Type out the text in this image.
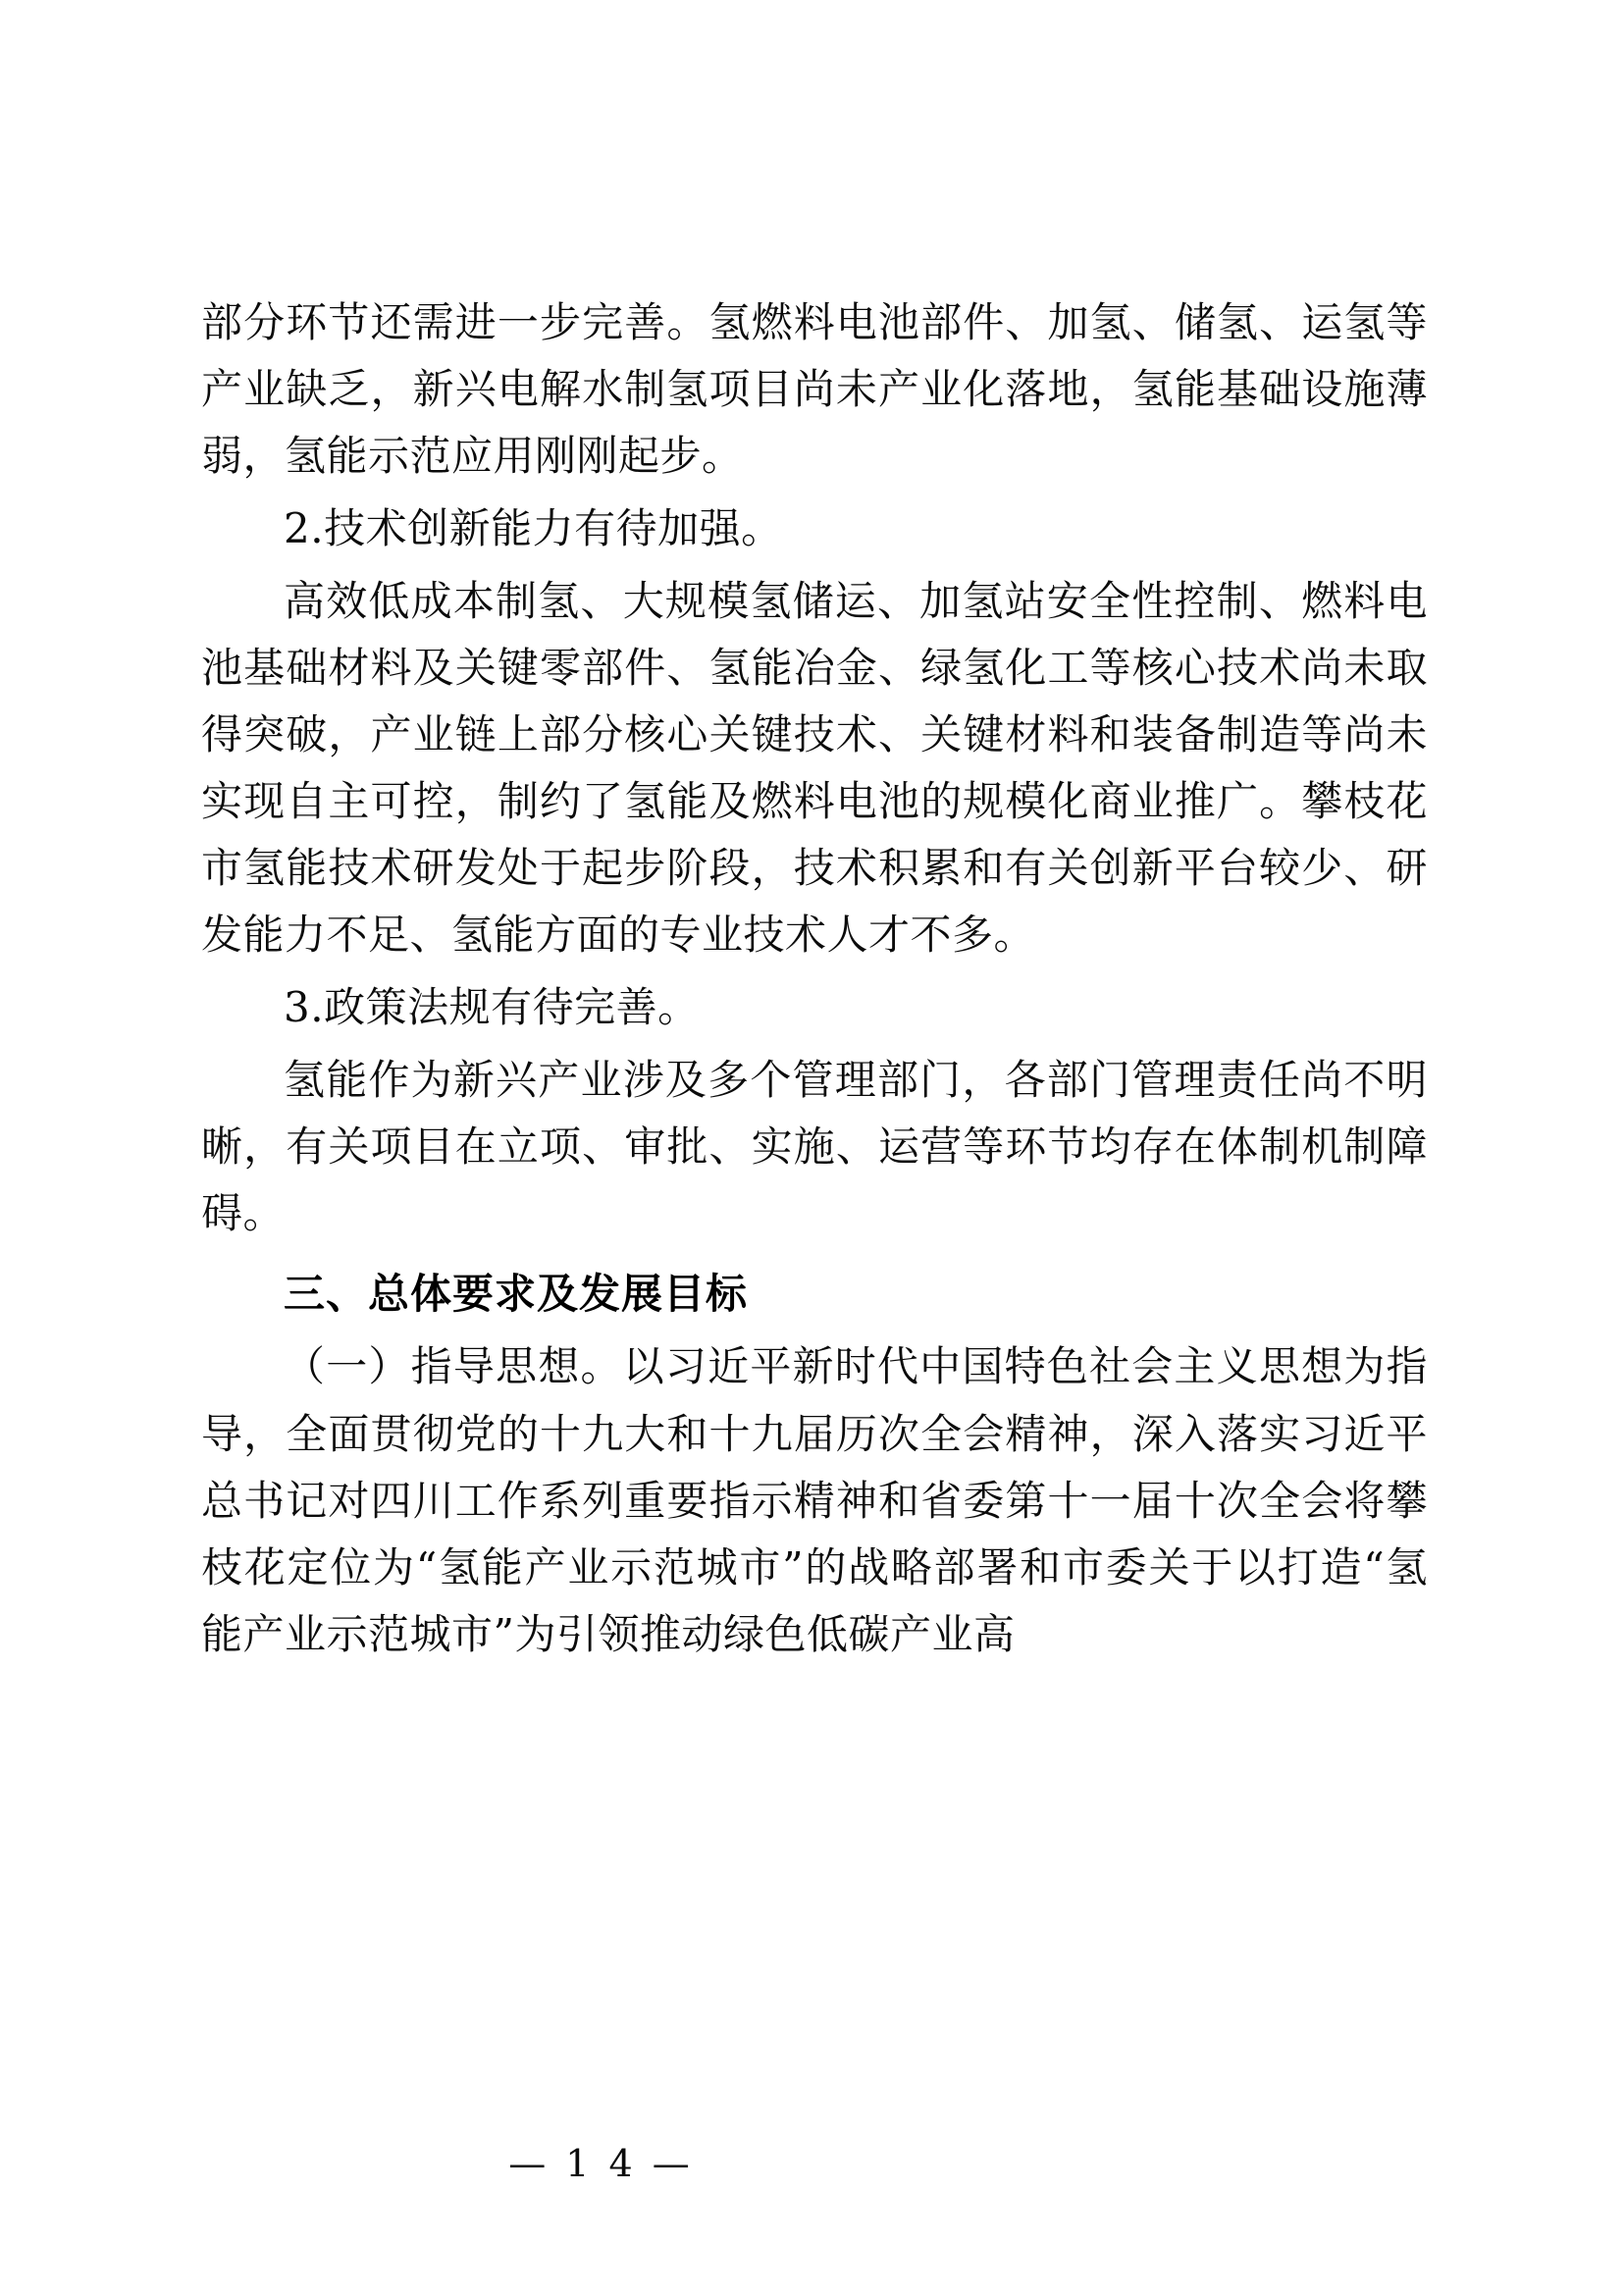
部分环节还需进一步完善。氢燃料电池部件、加氢、储氢、运氢等产业缺乏，新兴电解水制氢项目尚未产业化落地，氢能基础设施薄弱，氢能示范应用刚刚起步。

2.技术创新能力有待加强。

高效低成本制氢、大规模氢储运、加氢站安全性控制、燃料电池基础材料及关键零部件、氢能冶金、绿氢化工等核心技术尚未取得突破，产业链上部分核心关键技术、关键材料和装备制造等尚未实现自主可控，制约了氢能及燃料电池的规模化商业推广。攀枝花市氢能技术研发处于起步阶段，技术积累和有关创新平台较少、研发能力不足、氢能方面的专业技术人才不多。

3.政策法规有待完善。

氢能作为新兴产业涉及多个管理部门，各部门管理责任尚不明晰，有关项目在立项、审批、实施、运营等环节均存在体制机制障碍。

三、总体要求及发展目标

（一）指导思想。以习近平新时代中国特色社会主义思想为指导，全面贯彻党的十九大和十九届历次全会精神，深入落实习近平总书记对四川工作系列重要指示精神和省委第十一届十次全会将攀枝花定位为“氢能产业示范城市”的战略部署和市委关于以打造“氢能产业示范城市”为引领推动绿色低碳产业高

— 1 4 —
